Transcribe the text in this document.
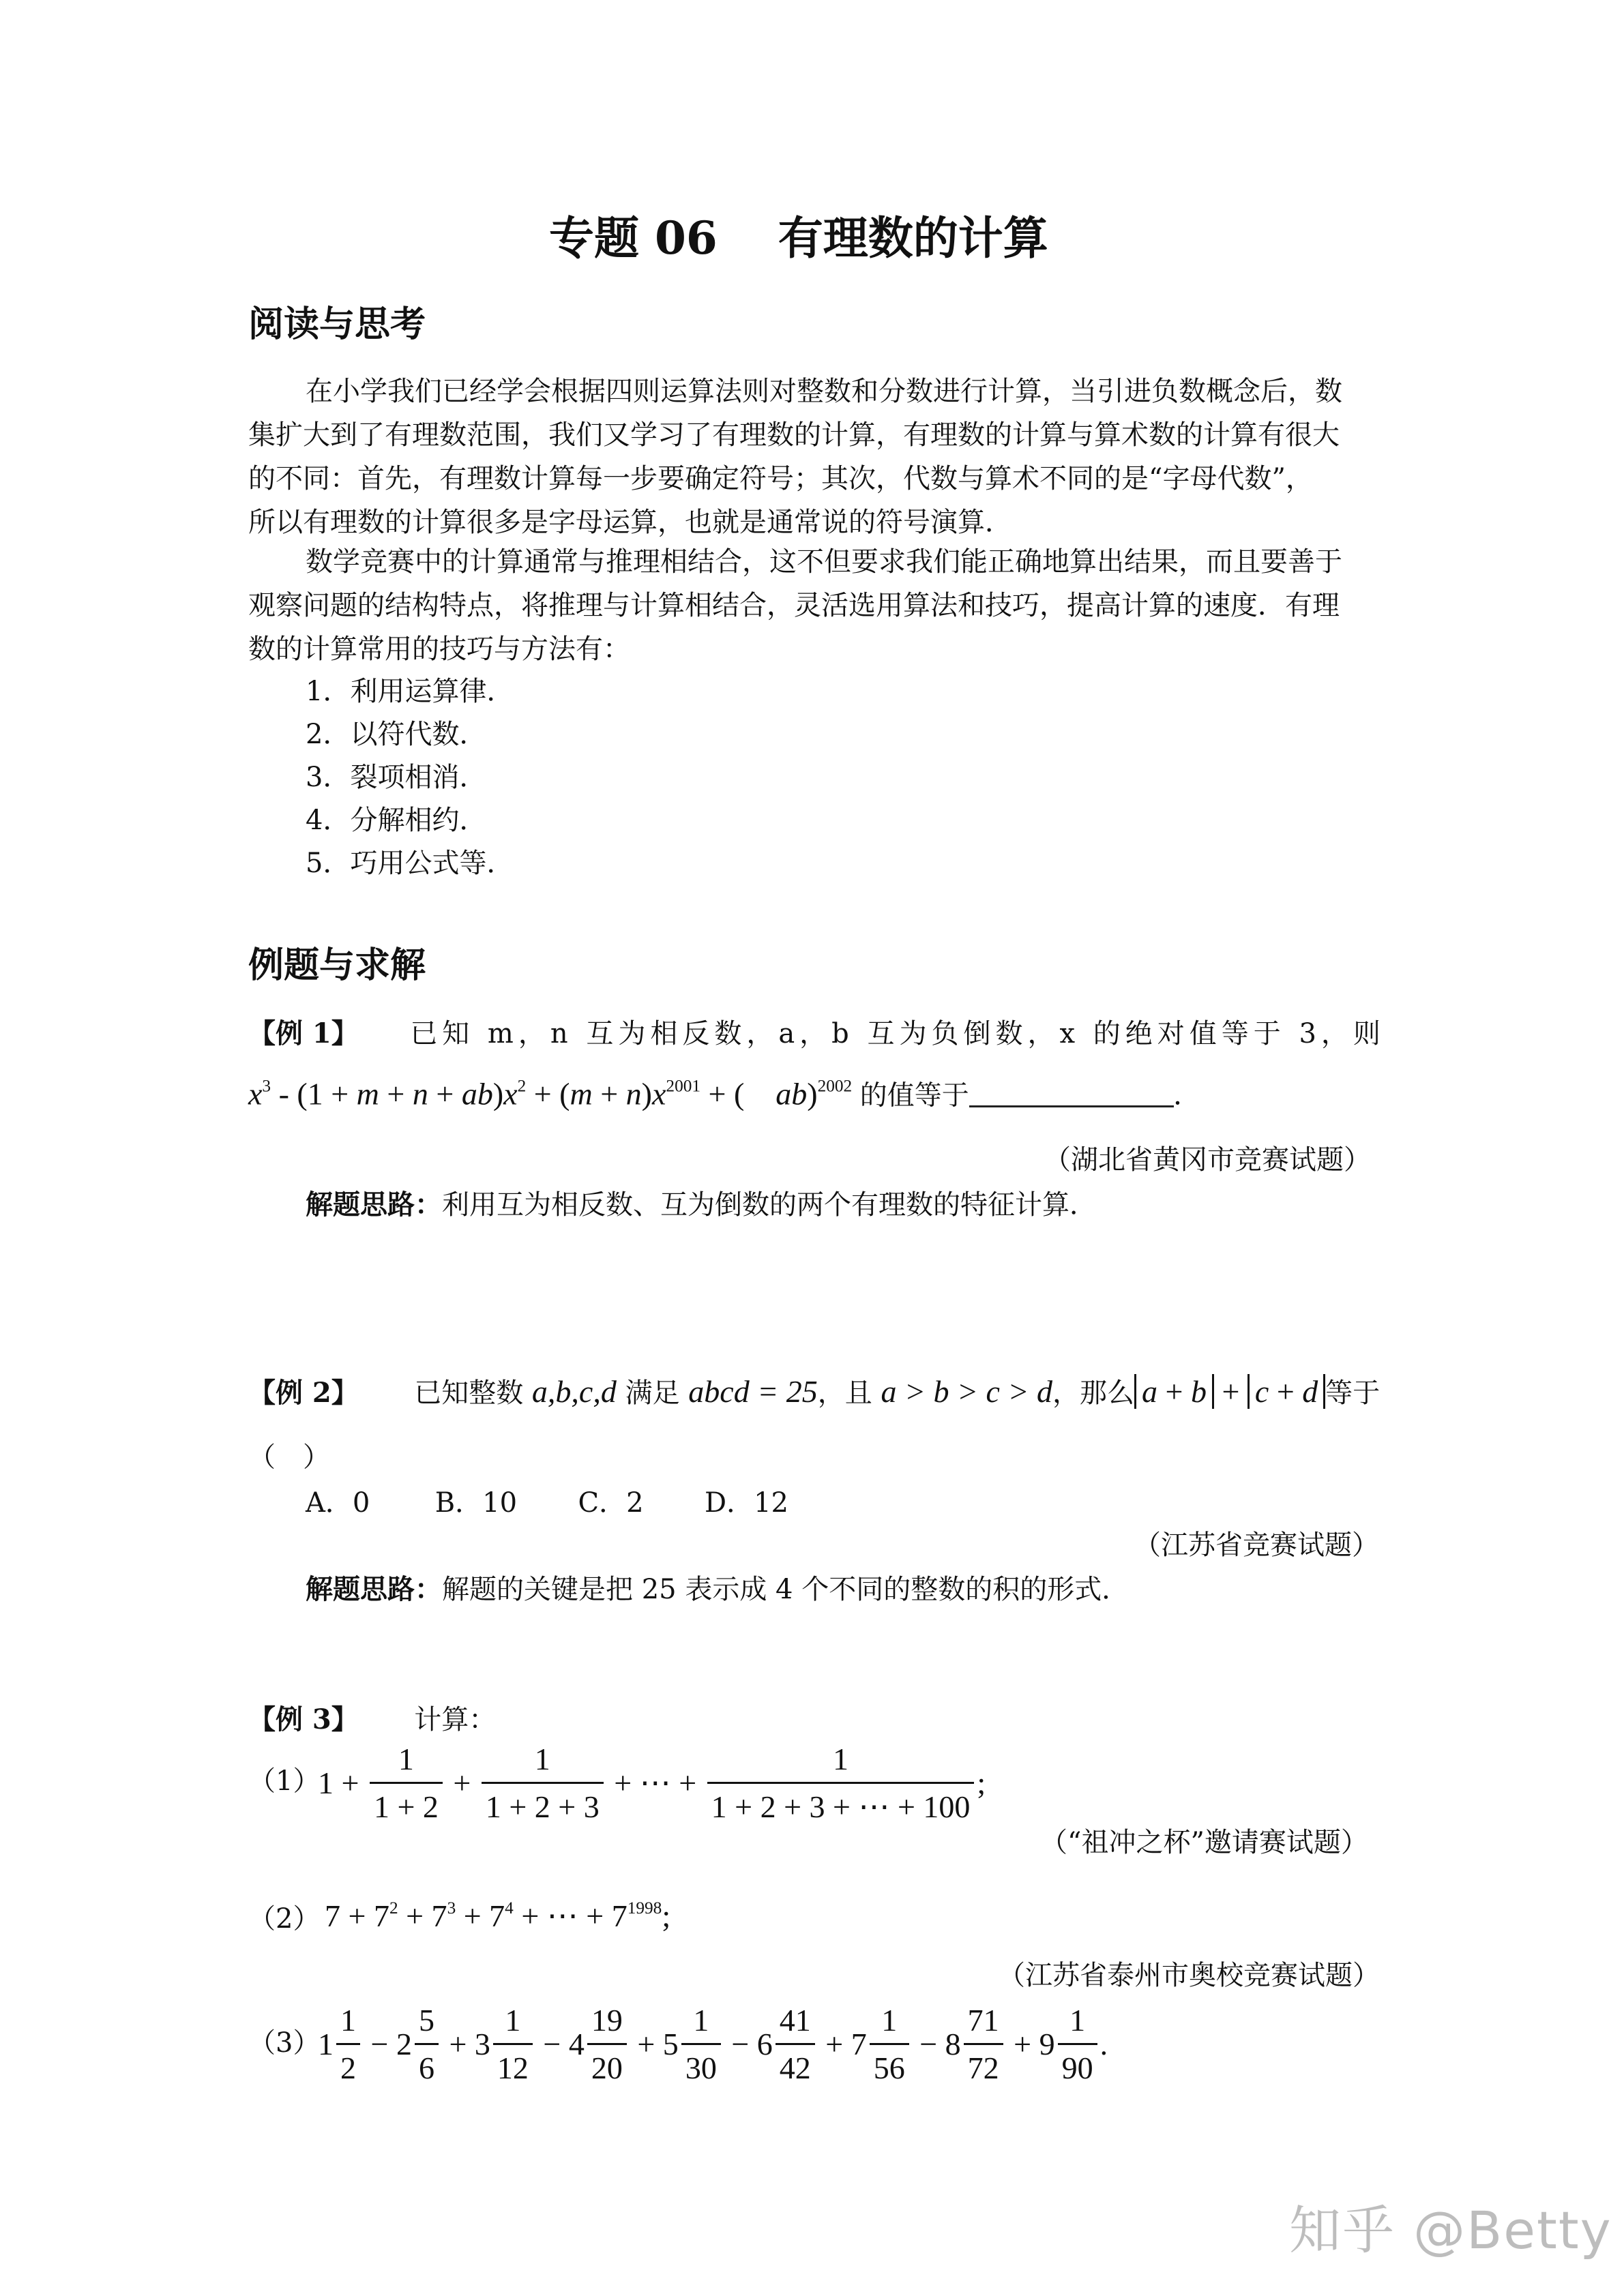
专题 06　 有理数的计算
阅读与思考
在小学我们已经学会根据四则运算法则对整数和分数进行计算，当引进负数概念后，数
集扩大到了有理数范围，我们又学习了有理数的计算，有理数的计算与算术数的计算有很大
的不同：首先，有理数计算每一步要确定符号；其次，代数与算术不同的是“字母代数”，
所以有理数的计算很多是字母运算，也就是通常说的符号演算．
数学竞赛中的计算通常与推理相结合，这不但要求我们能正确地算出结果，而且要善于
观察问题的结构特点，将推理与计算相结合，灵活选用算法和技巧，提高计算的速度．有理
数的计算常用的技巧与方法有：
1．利用运算律．
2．以符代数．
3．裂项相消．
4．分解相约．
5．巧用公式等．
例题与求解
【例 1】 已知 m，n 互为相反数，a，b 互为负倒数，x 的绝对值等于 3，则
$x^3 - (1 + m + n + ab)x^2 + (m + n)x^{2001}$ + (　ab)$^{2002}$ 的值等于	.
（湖北省黄冈市竞赛试题）
解题思路：利用互为相反数、互为倒数的两个有理数的特征计算．
【例 2】 已知整数 a,b,c,d 满足 abcd = 25，且 a > b > c > d，那么 a + b + c + d 等于
（　）
A．0 B．10 C．2 D．12
（江苏省竞赛试题）
解题思路：解题的关键是把 25 表示成 4 个不同的整数的积的形式．
【例 3】 计算：
（1）
$1 + \frac{1}{1 + 2} + \frac{1}{1 + 2 + 3}$ + ⋯ + $\frac{1}{1 + 2 + 3 + \cdots + 100}$ ;
（“祖冲之杯”邀请赛试题）
（2） $7 + 7^2 + 7^3 + 7^4$ + ⋯ + $7^{1998}$;
（江苏省泰州市奥校竞赛试题）
（3）
$1 \frac{1}{2} - 2 \frac{5}{6} + 3 \frac{1}{12} - 4 \frac{19}{20} + 5 \frac{1}{30} - 6 \frac{41}{42} + 7 \frac{1}{56} - 8 \frac{71}{72} + 9 \frac{1}{90}$ .
知乎 @Betty
